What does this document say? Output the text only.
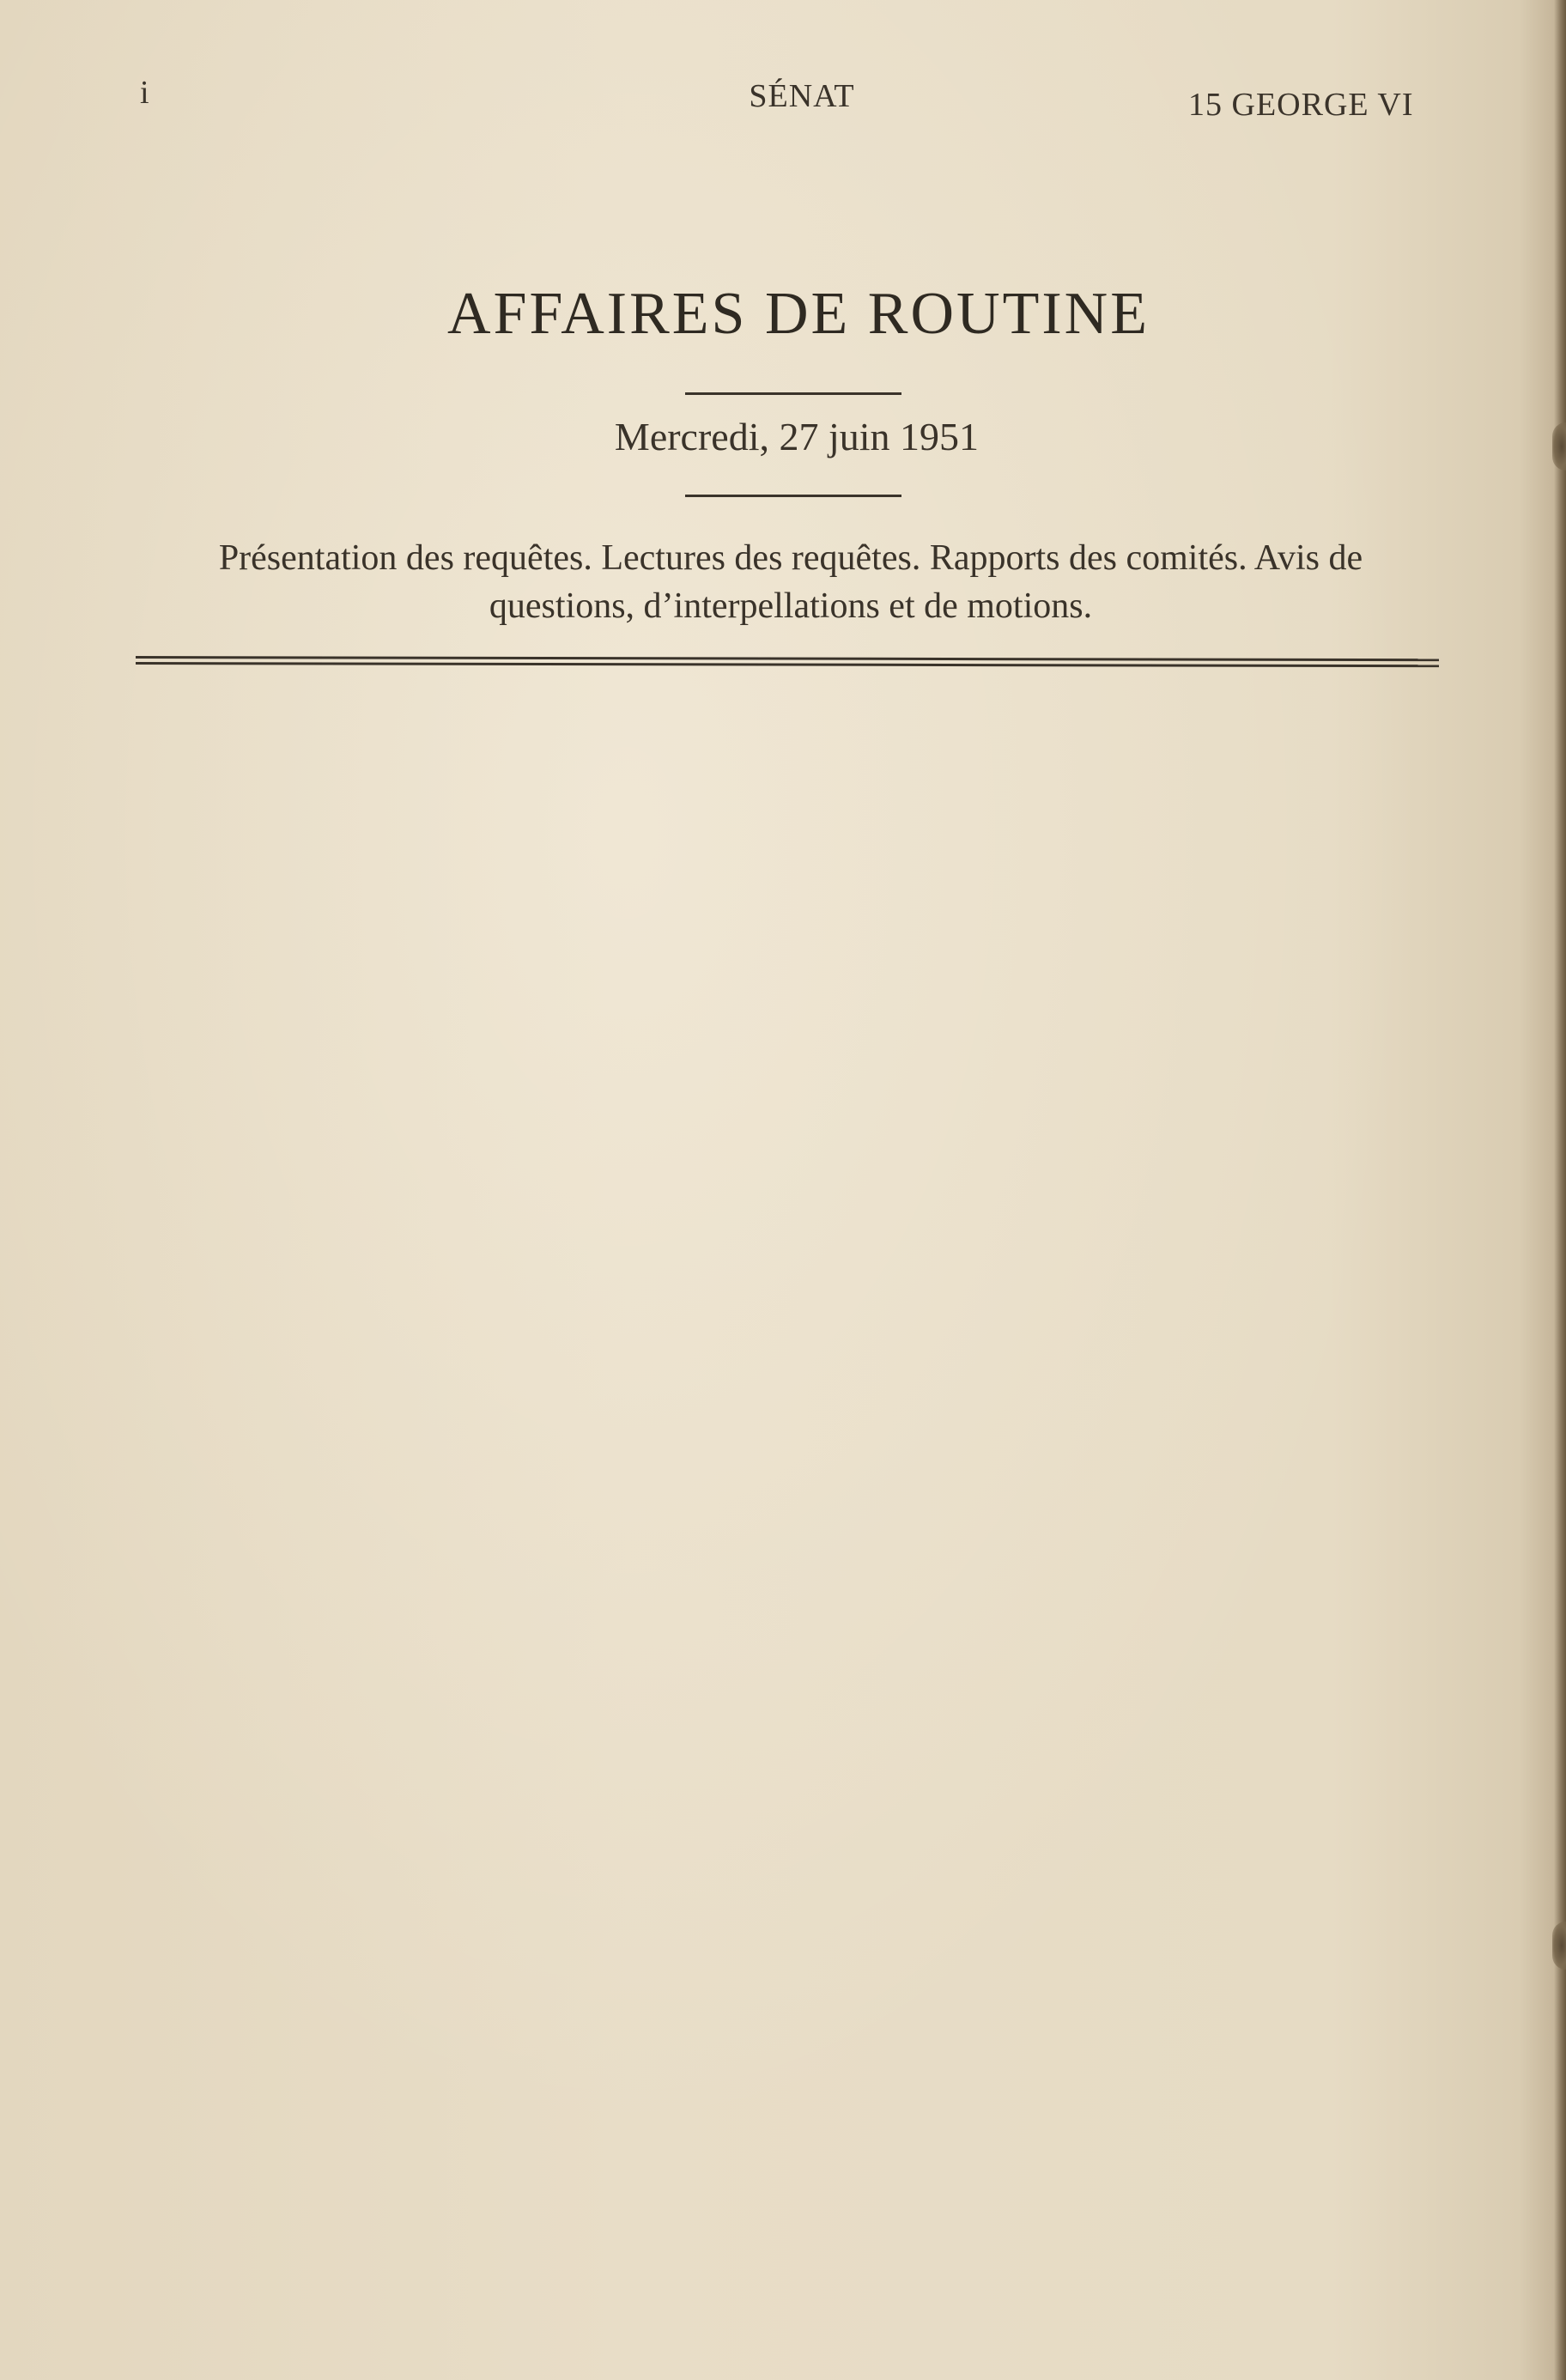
i	SÉNAT	15 GEORGE VI
AFFAIRES DE ROUTINE
Mercredi, 27 juin 1951
Présentation des requêtes. Lectures des requêtes. Rapports des comités. Avis de questions, d’interpellations et de motions.
